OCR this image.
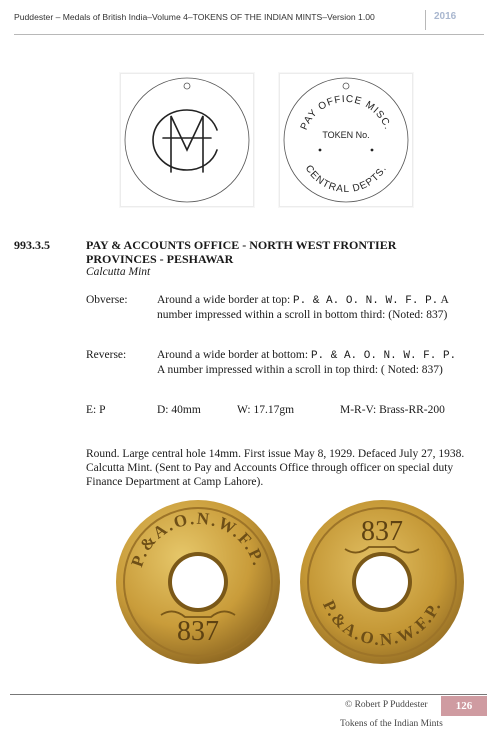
Puddester – Medals of British India–Volume 4–TOKENS OF THE INDIAN MINTS–Version 1.00	2016
PAY OFFICE MISC.
CENTRAL DEPTS.
TOKEN No.
993.3.5	PAY & ACCOUNTS OFFICE - NORTH WEST FRONTIER PROVINCES - PESHAWAR
Calcutta Mint
Obverse:	Around a wide border at top: P. & A. O. N. W. F. P. A number impressed within a scroll in bottom third: (Noted: 837)
Reverse:	Around a wide border at bottom: P. & A. O. N. W. F. P. A number impressed within a scroll in top third: ( Noted: 837)
E: P	D: 40mm	W: 17.17gm	M-R-V: Brass-RR-200
Round. Large central hole 14mm. First issue May 8, 1929. Defaced July 27, 1938. Calcutta Mint. (Sent to Pay and Accounts Office through officer on special duty Finance Department at Camp Lahore).
P.&A.O.N.W.F.P.
837
837
P.&A.O.N.W.F.P.
© Robert P Puddester	126
Tokens of the Indian Mints
